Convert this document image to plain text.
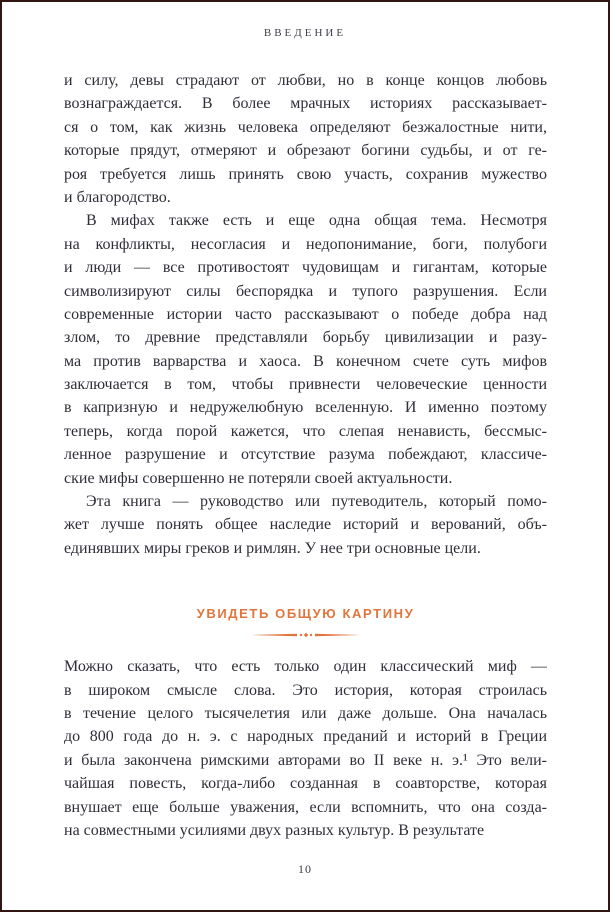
ВВЕДЕНИЕ
и силу, девы страдают от любви, но в конце концов любовь
вознаграждается. В более мрачных историях рассказывает-
ся о том, как жизнь человека определяют безжалостные нити,
которые прядут, отмеряют и обрезают богини судьбы, и от ге-
роя требуется лишь принять свою участь, сохранив мужество
и благородство.
В мифах также есть и еще одна общая тема. Несмотря
на конфликты, несогласия и недопонимание, боги, полубоги
и люди — все противостоят чудовищам и гигантам, которые
символизируют силы беспорядка и тупого разрушения. Если
современные истории часто рассказывают о победе добра над
злом, то древние представляли борьбу цивилизации и разу-
ма против варварства и хаоса. В конечном счете суть мифов
заключается в том, чтобы привнести человеческие ценности
в капризную и недружелюбную вселенную. И именно поэтому
теперь, когда порой кажется, что слепая ненависть, бессмыс-
ленное разрушение и отсутствие разума побеждают, классиче-
ские мифы совершенно не потеряли своей актуальности.
Эта книга — руководство или путеводитель, который помо-
жет лучше понять общее наследие историй и верований, объ-
единявших миры греков и римлян. У нее три основные цели.
УВИДЕТЬ ОБЩУЮ КАРТИНУ
Можно сказать, что есть только один классический миф —
в широком смысле слова. Это история, которая строилась
в течение целого тысячелетия или даже дольше. Она началась
до 800 года до н. э. с народных преданий и историй в Греции
и была закончена римскими авторами во II веке н. э.¹ Это вели-
чайшая повесть, когда-либо созданная в соавторстве, которая
внушает еще больше уважения, если вспомнить, что она созда-
на совместными усилиями двух разных культур. В результате
10
